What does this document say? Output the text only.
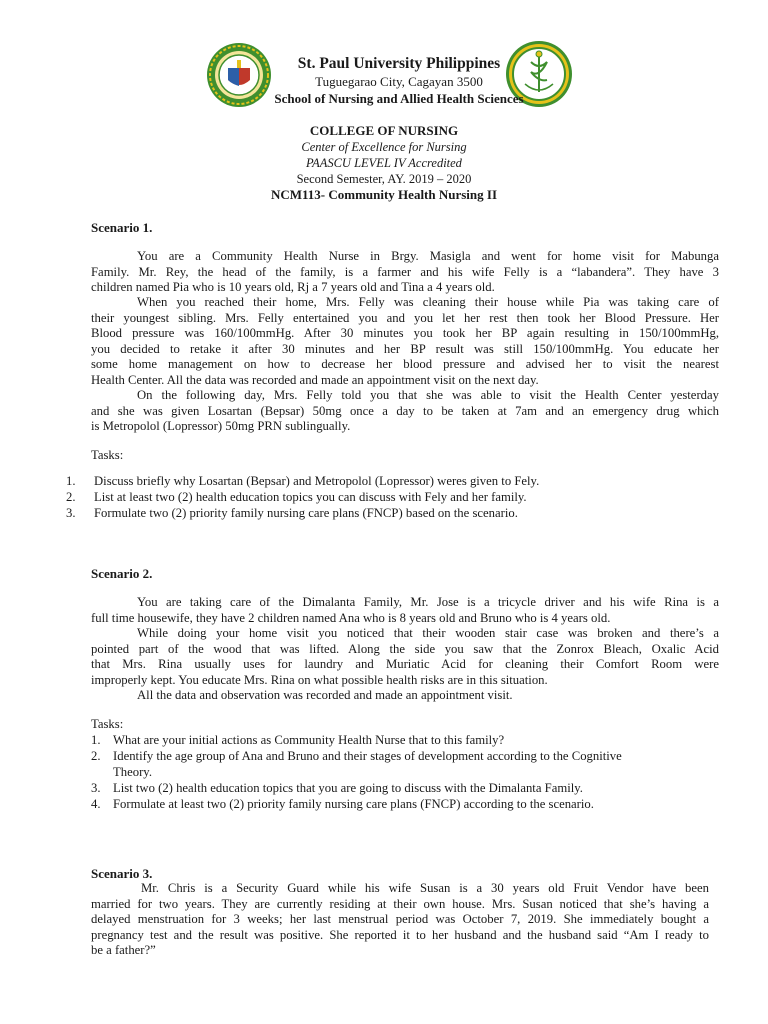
St. Paul University Philippines
Tuguegarao City, Cagayan 3500
School of Nursing and Allied Health Sciences
COLLEGE OF NURSING
Center of Excellence for Nursing
PAASCU LEVEL IV Accredited
Second Semester, AY. 2019 – 2020
NCM113- Community Health Nursing II
Scenario 1.
You are a Community Health Nurse in Brgy. Masigla and went for home visit for Mabunga
Family. Mr. Rey, the head of the family, is a farmer and his wife Felly is a “labandera”. They have 3
children named Pia who is 10 years old, Rj a 7 years old and Tina a 4 years old.
When you reached their home, Mrs. Felly was cleaning their house while Pia was taking care of
their youngest sibling. Mrs. Felly entertained you and you let her rest then took her Blood Pressure. Her
Blood pressure was 160/100mmHg. After 30 minutes you took her BP again resulting in 150/100mmHg,
you decided to retake it after 30 minutes and her BP result was still 150/100mmHg. You educate her
some home management on how to decrease her blood pressure and advised her to visit the nearest
Health Center. All the data was recorded and made an appointment visit on the next day.
On the following day, Mrs. Felly told you that she was able to visit the Health Center yesterday
and she was given Losartan (Bepsar) 50mg once a day to be taken at 7am and an emergency drug which
is Metropolol (Lopressor) 50mg PRN sublingually.
Tasks:
1.	Discuss briefly why Losartan (Bepsar) and Metropolol (Lopressor) weres given to Fely.
2.	List at least two (2) health education topics you can discuss with Fely and her family.
3.	Formulate two (2) priority family nursing care plans (FNCP) based on the scenario.
Scenario 2.
You are taking care of the Dimalanta Family, Mr. Jose is a tricycle driver and his wife Rina is a
full time housewife, they have 2 children named Ana who is 8 years old and Bruno who is 4 years old.
While doing your home visit you noticed that their wooden stair case was broken and there’s a
pointed part of the wood that was lifted. Along the side you saw that the Zonrox Bleach, Oxalic Acid
that Mrs. Rina usually uses for laundry and Muriatic Acid for cleaning their Comfort Room were
improperly kept. You educate Mrs. Rina on what possible health risks are in this situation.
All the data and observation was recorded and made an appointment visit.
Tasks:
1. What are your initial actions as Community Health Nurse that to this family?
2. Identify the age group of Ana and Bruno and their stages of development according to the Cognitive
Theory.
3. List two (2) health education topics that you are going to discuss with the Dimalanta Family.
4. Formulate at least two (2) priority family nursing care plans (FNCP) according to the scenario.
Scenario 3.
Mr. Chris is a Security Guard while his wife Susan is a 30 years old Fruit Vendor have been
married for two years. They are currently residing at their own house. Mrs. Susan noticed that she’s having a
delayed menstruation for 3 weeks; her last menstrual period was October 7, 2019. She immediately bought a
pregnancy test and the result was positive. She reported it to her husband and the husband said “Am I ready to
be a father?”
